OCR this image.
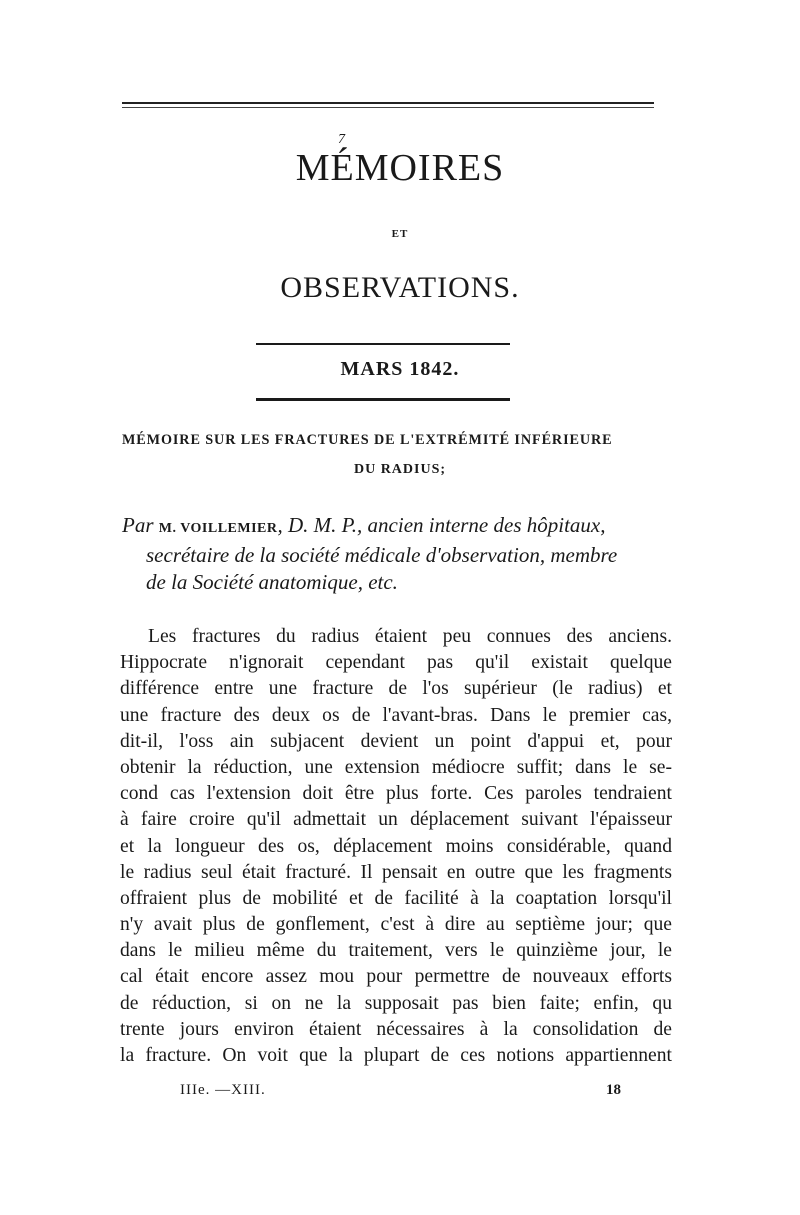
7
MÉMOIRES
ET
OBSERVATIONS.
MARS 1842.
MÉMOIRE SUR LES FRACTURES DE L'EXTRÉMITÉ INFÉRIEURE
DU RADIUS;
Par M. VOILLEMIER, D. M. P., ancien interne des hôpitaux,
secrétaire de la société médicale d'observation, membre
de la Société anatomique, etc.
Les fractures du radius étaient peu connues des anciens.
Hippocrate n'ignorait cependant pas qu'il existait quelque
différence entre une fracture de l'os supérieur (le radius) et
une fracture des deux os de l'avant-bras. Dans le premier cas,
dit-il, l'oss ain subjacent devient un point d'appui et, pour
obtenir la réduction, une extension médiocre suffit; dans le se-
cond cas l'extension doit être plus forte. Ces paroles tendraient
à faire croire qu'il admettait un déplacement suivant l'épaisseur
et la longueur des os, déplacement moins considérable, quand
le radius seul était fracturé. Il pensait en outre que les fragments
offraient plus de mobilité et de facilité à la coaptation lorsqu'il
n'y avait plus de gonflement, c'est à dire au septième jour; que
dans le milieu même du traitement, vers le quinzième jour, le
cal était encore assez mou pour permettre de nouveaux efforts
de réduction, si on ne la supposait pas bien faite; enfin, qu
trente jours environ étaient nécessaires à la consolidation de
la fracture. On voit que la plupart de ces notions appartiennent
IIIe. —XIII.	18
